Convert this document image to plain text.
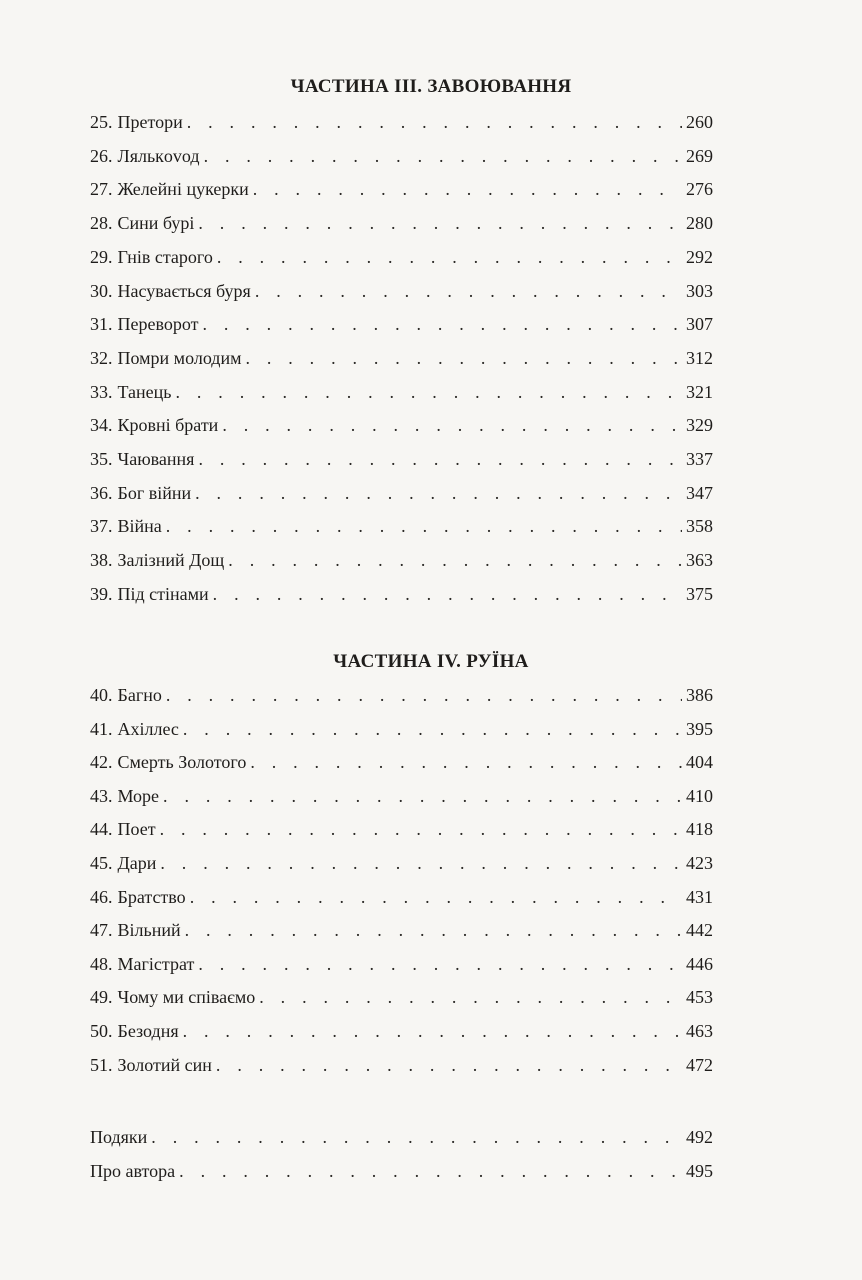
ЧАСТИНА III. ЗАВОЮВАННЯ
25. Претори . . .	260
26. Лялькovод . . .	269
27. Желейні цукерки . . .	276
28. Сини бурі . . .	280
29. Гнів старого . . .	292
30. Насувається буря . . .	303
31. Переворот . . .	307
32. Помри молодим . . .	312
33. Танець . . .	321
34. Кровні брати . . .	329
35. Чаювання . . .	337
36. Бог війни . . .	347
37. Війна . . .	358
38. Залізний Дощ . . .	363
39. Під стінами . . .	375
ЧАСТИНА IV. РУЇНА
40. Багно . . .	386
41. Ахіллес . . .	395
42. Смерть Золотого . . .	404
43. Море . . .	410
44. Поет . . .	418
45. Дари . . .	423
46. Братство . . .	431
47. Вільний . . .	442
48. Магістрат . . .	446
49. Чому ми співаємо . . .	453
50. Безодня . . .	463
51. Золотий син . . .	472
Подяки . . .	492
Про автора . . .	495
